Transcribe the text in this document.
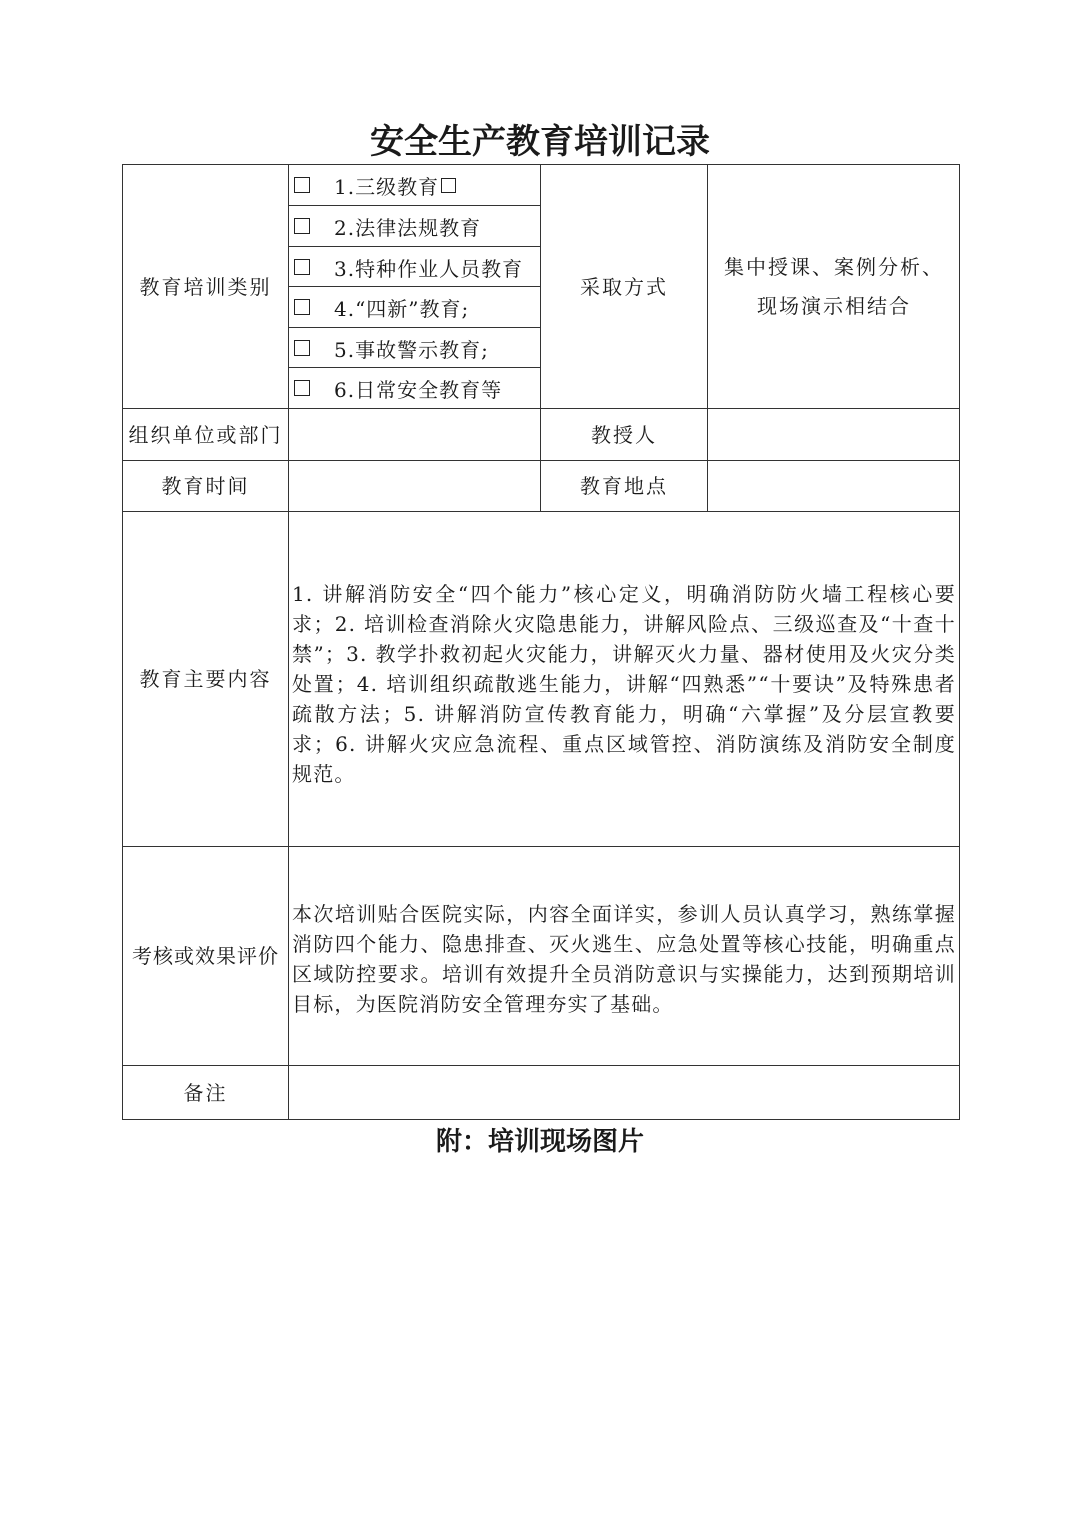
安全生产教育培训记录
教育培训类别
1.三级教育
2.法律法规教育
3.特种作业人员教育
4.“四新”教育;
5.事故警示教育;
6.日常安全教育等
采取方式
集中授课、案例分析、现场演示相结合
组织单位或部门	教授人
教育时间	教育地点
教育主要内容
1. 讲解消防安全“四个能力”核心定义，明确消防防火墙工程核心要求；2. 培训检查消除火灾隐患能力，讲解风险点、三级巡查及“十查十禁”；3. 教学扑救初起火灾能力，讲解灭火力量、器材使用及火灾分类处置；4. 培训组织疏散逃生能力，讲解“四熟悉”“十要诀”及特殊患者疏散方法；5. 讲解消防宣传教育能力，明确“六掌握”及分层宣教要求；6. 讲解火灾应急流程、重点区域管控、消防演练及消防安全制度规范。
考核或效果评价
本次培训贴合医院实际，内容全面详实，参训人员认真学习，熟练掌握消防四个能力、隐患排查、灭火逃生、应急处置等核心技能，明确重点区域防控要求。培训有效提升全员消防意识与实操能力，达到预期培训目标，为医院消防安全管理夯实了基础。
备注
附：培训现场图片
